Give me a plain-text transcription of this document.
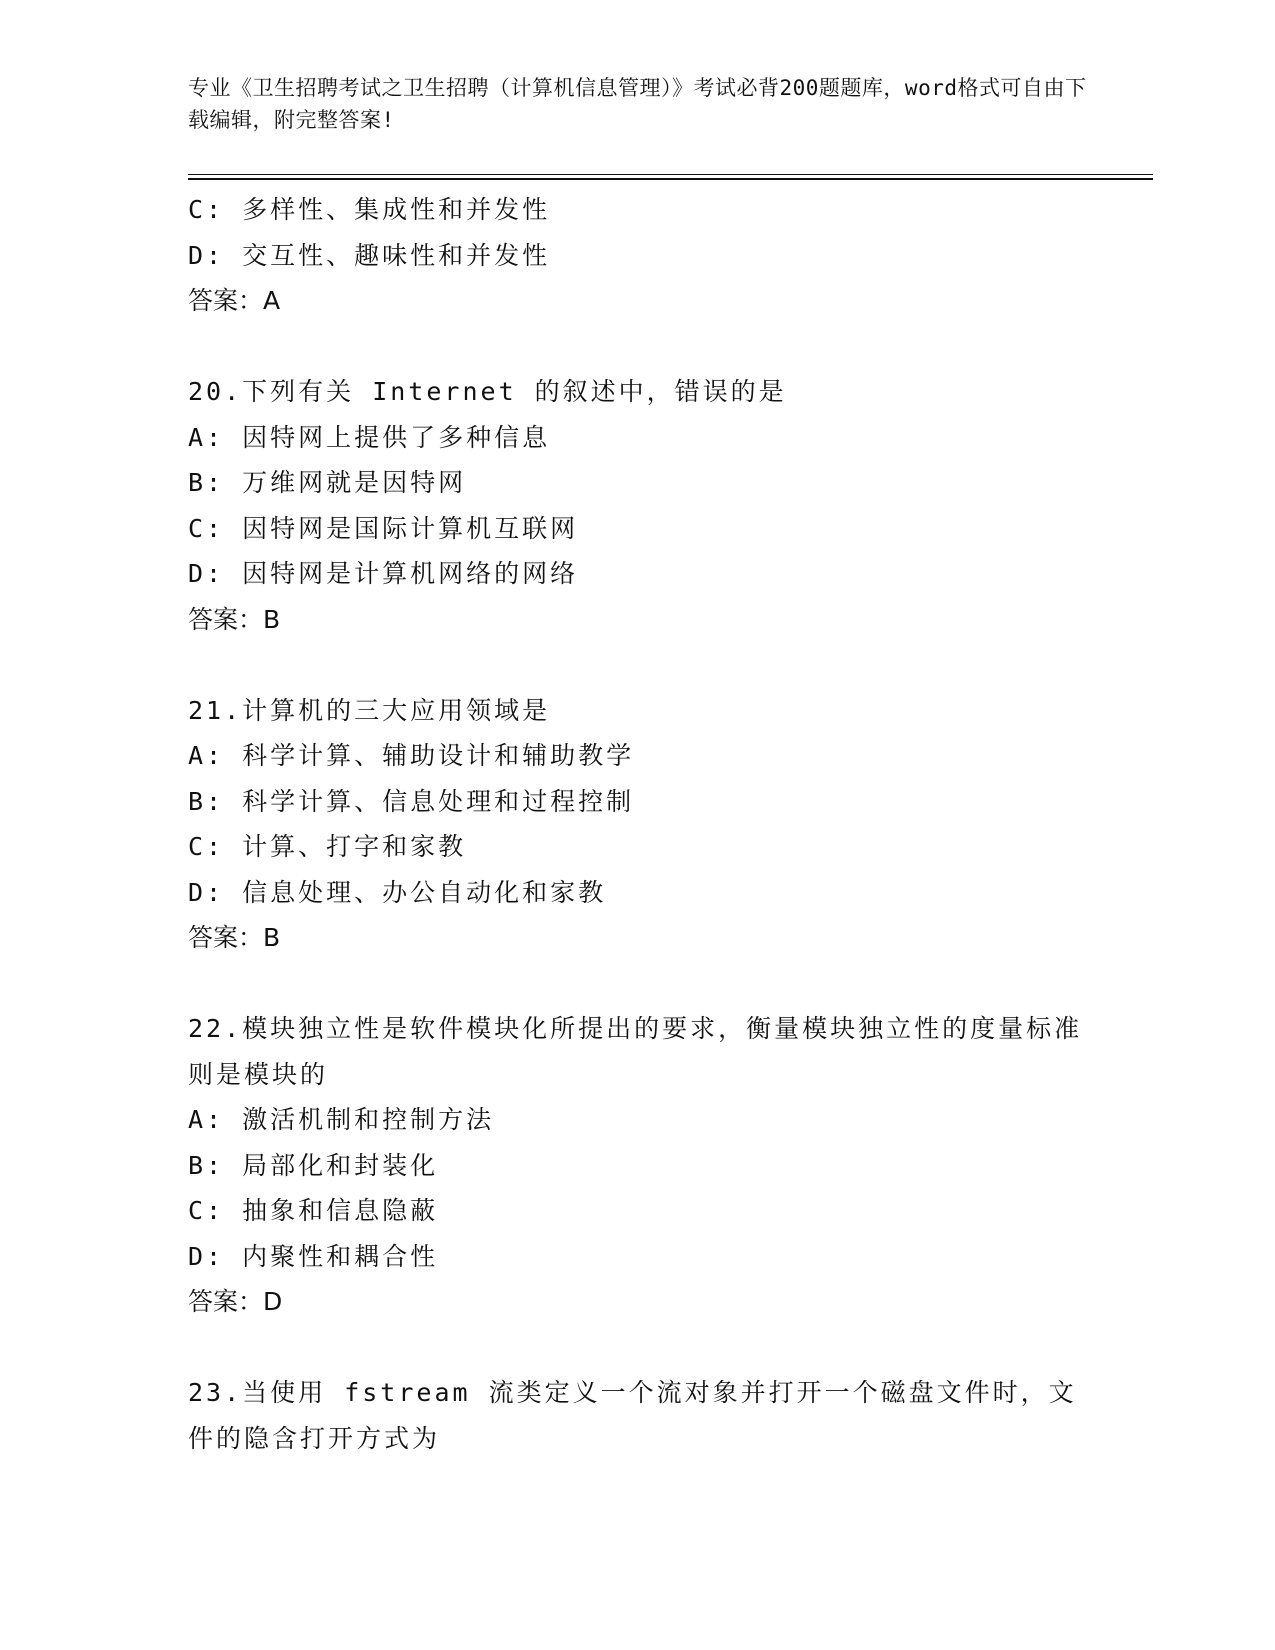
专业《卫生招聘考试之卫生招聘（计算机信息管理）》考试必背200题题库，word格式可自由下载编辑，附完整答案!
C: 多样性、集成性和并发性
D: 交互性、趣味性和并发性
答案：A
20.下列有关 Internet 的叙述中，错误的是
A: 因特网上提供了多种信息
B: 万维网就是因特网
C: 因特网是国际计算机互联网
D: 因特网是计算机网络的网络
答案：B
21.计算机的三大应用领域是
A: 科学计算、辅助设计和辅助教学
B: 科学计算、信息处理和过程控制
C: 计算、打字和家教
D: 信息处理、办公自动化和家教
答案：B
22.模块独立性是软件模块化所提出的要求，衡量模块独立性的度量标准则是模块的
A: 激活机制和控制方法
B: 局部化和封装化
C: 抽象和信息隐蔽
D: 内聚性和耦合性
答案：D
23.当使用 fstream 流类定义一个流对象并打开一个磁盘文件时，文件的隐含打开方式为
